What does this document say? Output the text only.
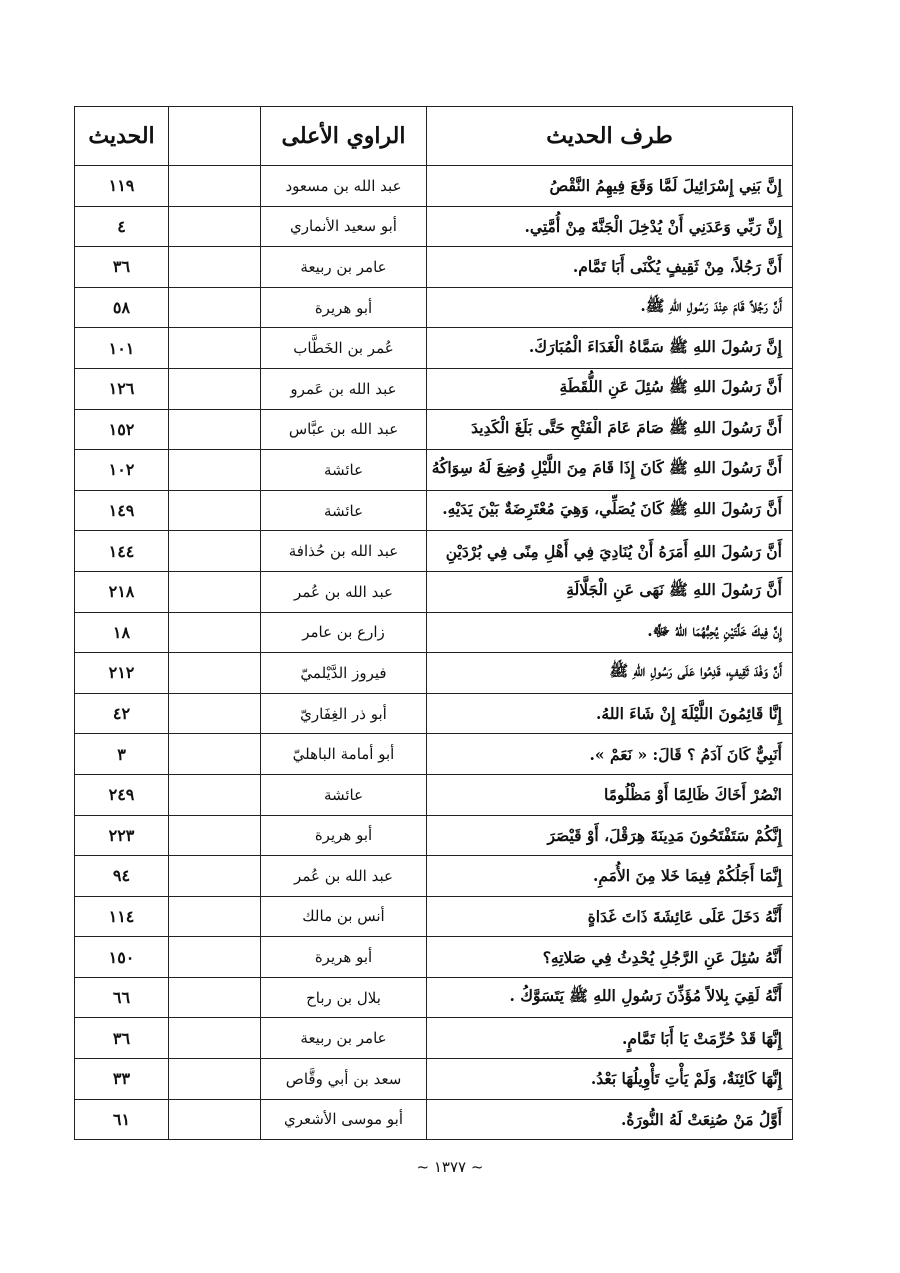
طرف الحديث	الراوي الأعلى		الحديث
إِنَّ بَنِي إِسْرَائِيلَ لَمَّا وَقَعَ فِيهِمُ النَّقْصُ	عبد الله بن مسعود		١١٩
إِنَّ رَبِّي وَعَدَنِي أَنْ يُدْخِلَ الْجَنَّةَ مِنْ أُمَّتِي.	أبو سعيد الأنماري		٤
أَنَّ رَجُلاً، مِنْ ثَقِيفٍ يُكْنَى أَبَا تَمَّام.	عامر بن ربيعة		٣٦
أَنَّ رَجُلاً قَامَ عِنْدَ رَسُولِ اللهِ ﷺ.	أبو هريرة		٥٨
إِنَّ رَسُولَ اللهِ ﷺ سَمَّاهُ الْغَدَاءَ الْمُبَارَكَ.	عُمر بن الخَطَّاب		١٠١
أَنَّ رَسُولَ اللهِ ﷺ سُئِلَ عَنِ اللُّقَطَةِ	عبد الله بن عَمرو		١٢٦
أَنَّ رَسُولَ اللهِ ﷺ صَامَ عَامَ الْفَتْحِ حَتَّى بَلَغَ الْكَدِيدَ	عبد الله بن عبَّاس		١٥٢
أَنَّ رَسُولَ اللهِ ﷺ كَانَ إِذَا قَامَ مِنَ اللَّيْلِ وُضِعَ لَهُ سِوَاكُهُ	عائشة		١٠٢
أَنَّ رَسُولَ اللهِ ﷺ كَانَ يُصَلِّي، وَهِيَ مُعْتَرِضَةٌ بَيْنَ يَدَيْهِ.	عائشة		١٤٩
أَنَّ رَسُولَ اللهِ أَمَرَهُ أَنْ يُنَادِيَ فِي أَهْلِ مِنًى فِي بُرْدَيْنِ	عبد الله بن حُذافة		١٤٤
أَنَّ رَسُولَ اللهِ ﷺ نَهَى عَنِ الْجَلَّالَةِ	عبد الله بن عُمر		٢١٨
إِنَّ فِيكَ خَلَّتَيْنِ يُحِبُّهُمَا اللهُ ﷻ.	زارع بن عامر		١٨
أَنَّ وَفْدَ ثَقِيفٍ، قَدِمُوا عَلَى رَسُولِ اللهِ ﷺ	فيروز الدَّيْلميّ		٢١٢
إِنَّا قَائِمُونَ اللَّيْلَةَ إِنْ شَاءَ اللهُ.	أبو ذر الغِفَاريّ		٤٢
أَنَبِيٌّ كَانَ آدَمُ ؟ قَالَ: « نَعَمْ ».	أبو أمامة الباهليّ		٣
انْصُرْ أَخَاكَ ظَالِمًا أَوْ مَظْلُومًا	عائشة		٢٤٩
إِنَّكُمْ سَتَفْتَحُونَ مَدِينَةَ هِرَقْلَ، أَوْ قَيْصَرَ	أبو هريرة		٢٢٣
إِنَّمَا أَجَلُكُمْ فِيمَا خَلا مِنَ الأُمَمِ.	عبد الله بن عُمر		٩٤
أَنَّهُ دَخَلَ عَلَى عَائِشَةَ ذَاتَ غَدَاةٍ	أنس بن مالك		١١٤
أَنَّهُ سُئِلَ عَنِ الرَّجُلِ يُحْدِثُ فِي صَلاتِهِ؟	أبو هريرة		١٥٠
أَنَّهُ لَقِيَ بِلالاً مُؤَذِّنَ رَسُولِ اللهِ ﷺ يَتَسَوَّكُ .	بلال بن رباح		٦٦
إِنَّهَا قَدْ حُرِّمَتْ يَا أَبَا تَمَّامٍ.	عامر بن ربيعة		٣٦
إِنَّهَا كَائِنَةٌ، وَلَمْ يَأْتِ تَأْوِيلُهَا بَعْدُ.	سعد بن أبي وقَّاص		٣٣
أَوَّلُ مَنْ صُنِعَتْ لَهُ النُّورَةُ.	أبو موسى الأشعري		٦١
~ ١٣٧٧ ~
